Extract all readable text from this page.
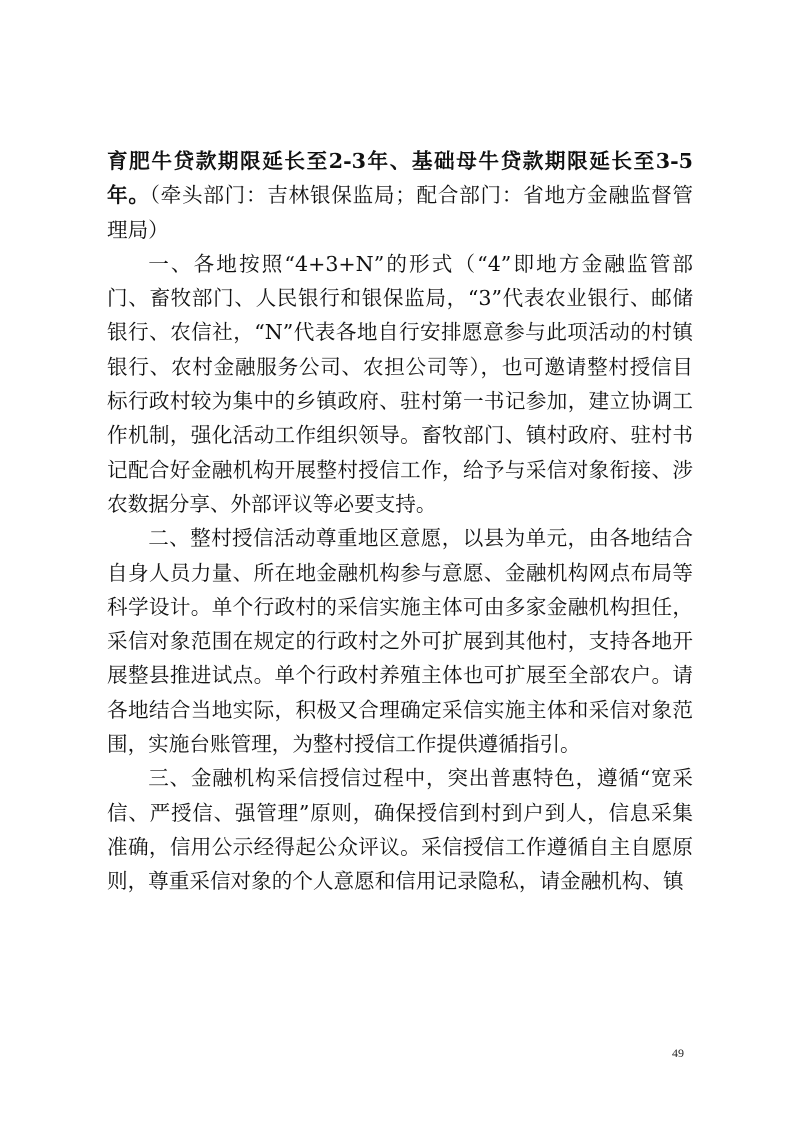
育肥牛贷款期限延长至2-3年、基础母牛贷款期限延长至3-5年。（牵头部门：吉林银保监局；配合部门：省地方金融监督管理局）

一、各地按照“4+3+N”的形式（“4”即地方金融监管部门、畜牧部门、人民银行和银保监局，“3”代表农业银行、邮储银行、农信社，“N”代表各地自行安排愿意参与此项活动的村镇银行、农村金融服务公司、农担公司等），也可邀请整村授信目标行政村较为集中的乡镇政府、驻村第一书记参加，建立协调工作机制，强化活动工作组织领导。畜牧部门、镇村政府、驻村书记配合好金融机构开展整村授信工作，给予与采信对象衔接、涉农数据分享、外部评议等必要支持。

二、整村授信活动尊重地区意愿，以县为单元，由各地结合自身人员力量、所在地金融机构参与意愿、金融机构网点布局等科学设计。单个行政村的采信实施主体可由多家金融机构担任，采信对象范围在规定的行政村之外可扩展到其他村，支持各地开展整县推进试点。单个行政村养殖主体也可扩展至全部农户。请各地结合当地实际，积极又合理确定采信实施主体和采信对象范围，实施台账管理，为整村授信工作提供遵循指引。

三、金融机构采信授信过程中，突出普惠特色，遵循“宽采信、严授信、强管理”原则，确保授信到村到户到人，信息采集准确，信用公示经得起公众评议。采信授信工作遵循自主自愿原则，尊重采信对象的个人意愿和信用记录隐私，请金融机构、镇

49
